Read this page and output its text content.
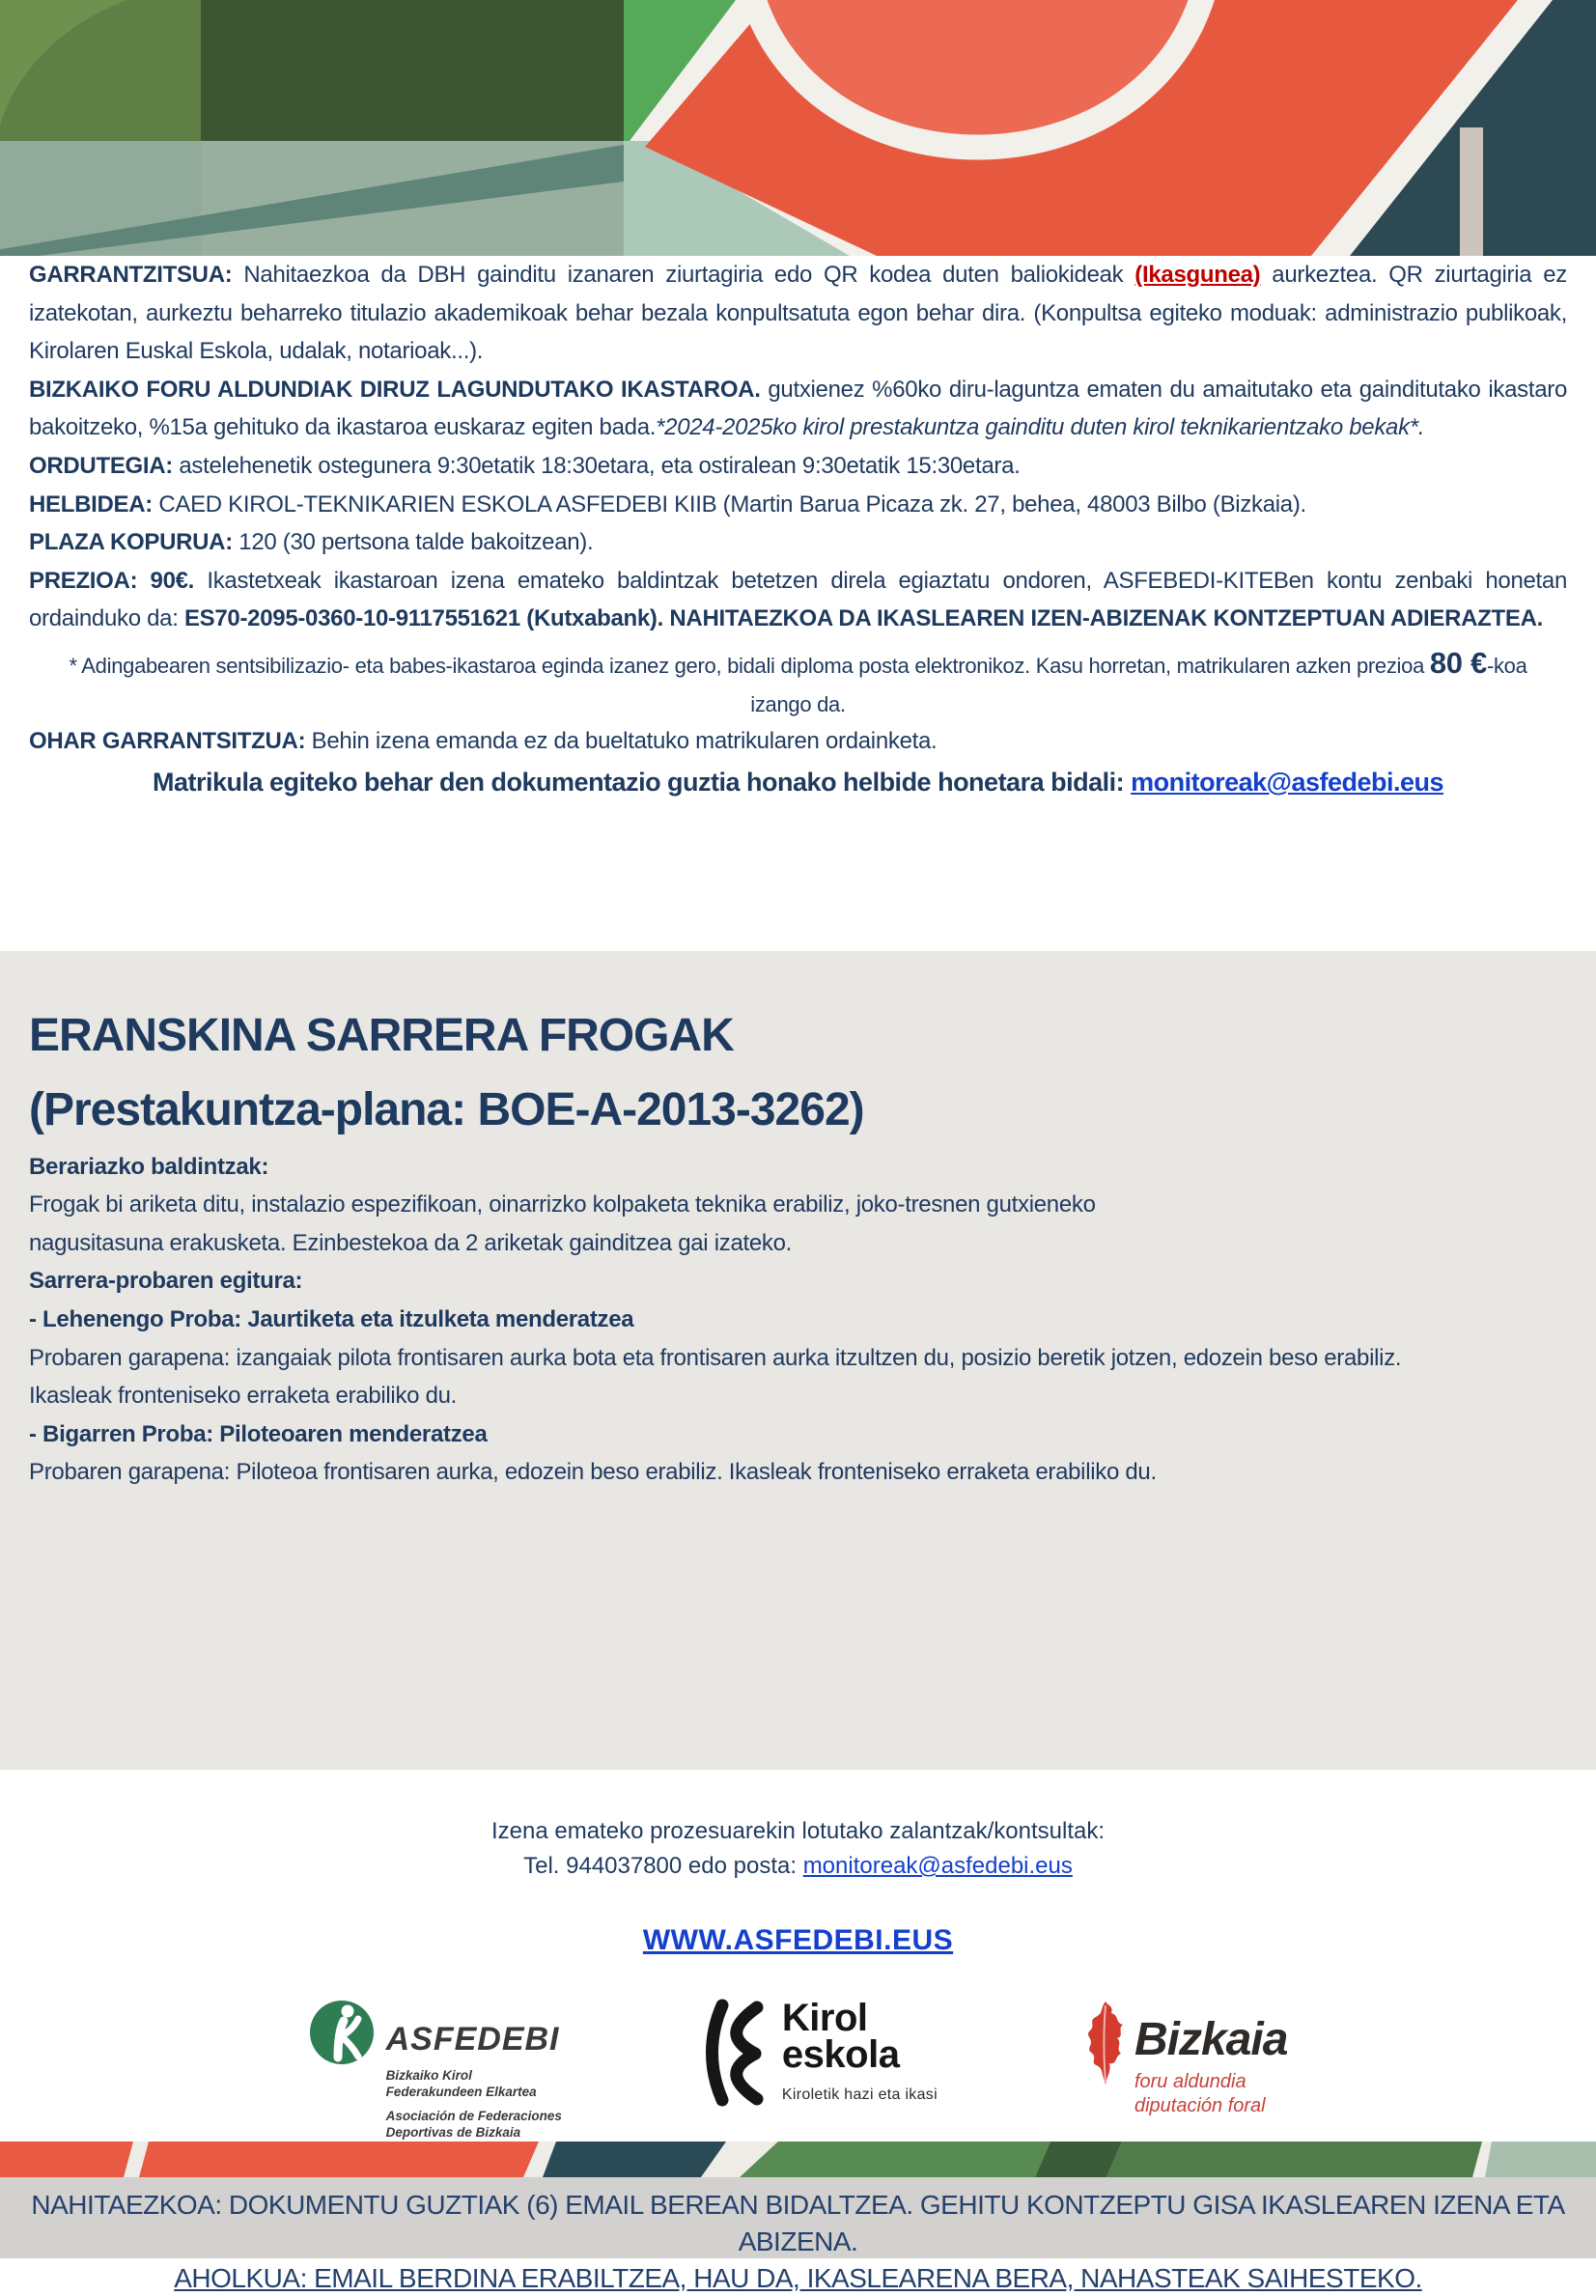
GARRANTZITSUA: Nahitaezkoa da DBH gainditu izanaren ziurtagiria edo QR kodea duten baliokideak (Ikasgunea) aurkeztea. QR ziurtagiria ez izatekotan, aurkeztu beharreko titulazio akademikoak behar bezala konpultsatuta egon behar dira. (Konpultsa egiteko moduak: administrazio publikoak, Kirolaren Euskal Eskola, udalak, notarioak...).

BIZKAIKO FORU ALDUNDIAK DIRUZ LAGUNDUTAKO IKASTAROA. gutxienez %60ko diru-laguntza ematen du amaitutako eta gainditutako ikastaro bakoitzeko, %15a gehituko da ikastaroa euskaraz egiten bada.*2024-2025ko kirol prestakuntza gainditu duten kirol teknikarientzako bekak*.

ORDUTEGIA: astelehenetik ostegunera 9:30etatik 18:30etara, eta ostiralean 9:30etatik 15:30etara.

HELBIDEA: CAED KIROL-TEKNIKARIEN ESKOLA ASFEDEBI KIIB (Martin Barua Picaza zk. 27, behea, 48003 Bilbo (Bizkaia).

PLAZA KOPURUA: 120 (30 pertsona talde bakoitzean).

PREZIOA: 90€. Ikastetxeak ikastaroan izena emateko baldintzak betetzen direla egiaztatu ondoren, ASFEBEDI-KITEBen kontu zenbaki honetan ordainduko da: ES70-2095-0360-10-9117551621 (Kutxabank). NAHITAEZKOA DA IKASLEAREN IZEN-ABIZENAK KONTZEPTUAN ADIERAZTEA.

* Adingabearen sentsibilizazio- eta babes-ikastaroa eginda izanez gero, bidali diploma posta elektronikoz. Kasu horretan, matrikularen azken prezioa 80 €-koa izango da.

OHAR GARRANTSITZUA: Behin izena emanda ez da bueltatuko matrikularen ordainketa.

Matrikula egiteko behar den dokumentazio guztia honako helbide honetara bidali: monitoreak@asfedebi.eus

ERANSKINA SARRERA FROGAK
(Prestakuntza-plana: BOE-A-2013-3262)

Berariazko baldintzak:

Frogak bi ariketa ditu, instalazio espezifikoan, oinarrizko kolpaketa teknika erabiliz, joko-tresnen gutxieneko nagusitasuna erakusketa. Ezinbestekoa da 2 ariketak gainditzea gai izateko.

Sarrera-probaren egitura:

- Lehenengo Proba: Jaurtiketa eta itzulketa menderatzea

Probaren garapena: izangaiak pilota frontisaren aurka bota eta frontisaren aurka itzultzen du, posizio beretik jotzen, edozein beso erabiliz. Ikasleak fronteniseko erraketa erabiliko du.

- Bigarren Proba: Piloteoaren menderatzea

Probaren garapena: Piloteoa frontisaren aurka, edozein beso erabiliz. Ikasleak fronteniseko erraketa erabiliko du.

Izena emateko prozesuarekin lotutako zalantzak/kontsultak:

Tel. 944037800 edo posta: monitoreak@asfedebi.eus

WWW.ASFEDEBI.EUS

ASFEDEBI
Bizkaiko Kirol
Federakundeen Elkartea
Asociación de Federaciones
Deportivas de Bizkaia
Kirol
eskola
Kiroletik hazi eta ikasi
Bizkaia
foru aldundia
diputación foral

NAHITAEZKOA: DOKUMENTU GUZTIAK (6) EMAIL BEREAN BIDALTZEA. GEHITU KONTZEPTU GISA IKASLEAREN IZENA ETA ABIZENA.

AHOLKUA: EMAIL BERDINA ERABILTZEA, HAU DA, IKASLEARENA BERA, NAHASTEAK SAIHESTEKO.
